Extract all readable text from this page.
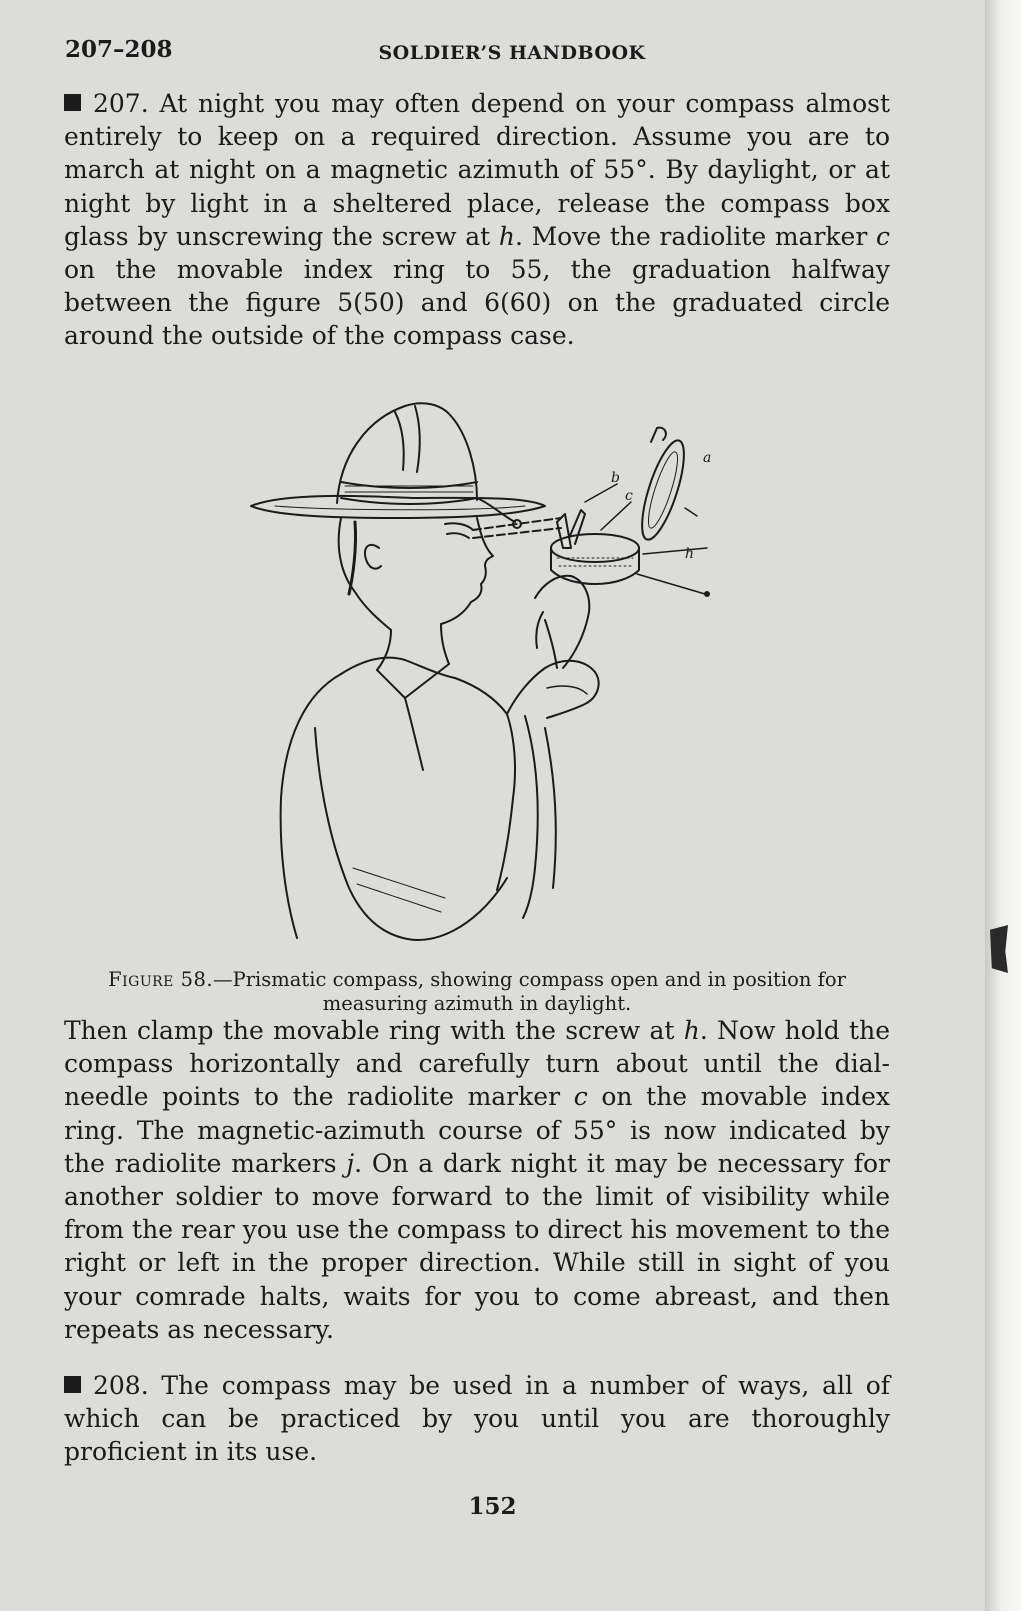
207–208	SOLDIER’S HANDBOOK

207. At night you may often depend on your compass almost entirely to keep on a required direction. Assume you are to march at night on a magnetic azimuth of 55°. By daylight, or at night by light in a sheltered place, release the compass box glass by unscrewing the screw at h. Move the radiolite marker c on the movable index ring to 55, the graduation halfway between the figure 5(50) and 6(60) on the graduated circle around the outside of the compass case.

a
b
c
h
Figure 58.—Prismatic compass, showing compass open and in position for measuring azimuth in daylight.

Then clamp the movable ring with the screw at h. Now hold the compass horizontally and carefully turn about until the dial-needle points to the radiolite marker c on the movable index ring. The magnetic-azimuth course of 55° is now indicated by the radiolite markers j. On a dark night it may be necessary for another soldier to move forward to the limit of visibility while from the rear you use the compass to direct his movement to the right or left in the proper direction. While still in sight of you your comrade halts, waits for you to come abreast, and then repeats as necessary.

208. The compass may be used in a number of ways, all of which can be practiced by you until you are thoroughly proficient in its use.

152
